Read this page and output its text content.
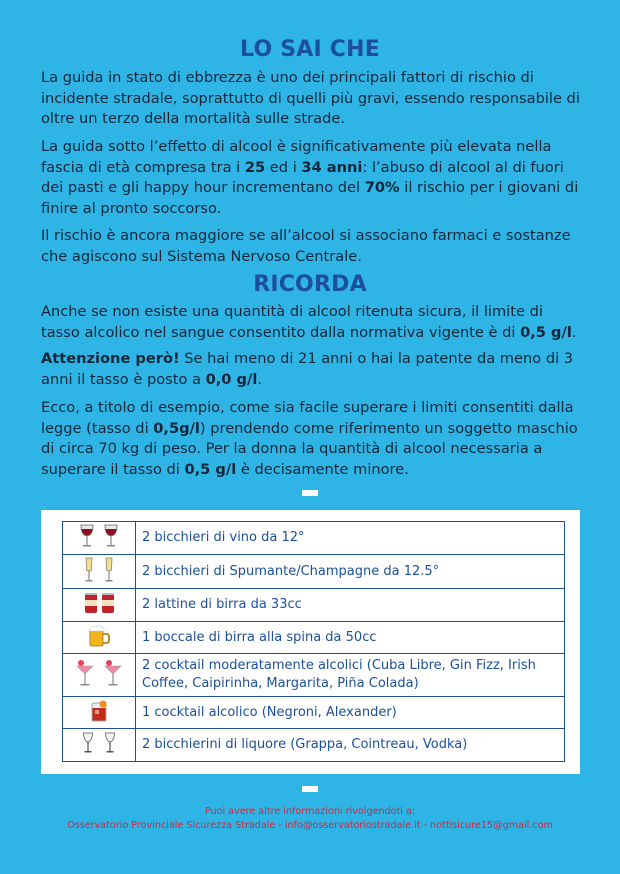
LO SAI CHE

La guida in stato di ebbrezza è uno dei principali fattori di rischio di incidente stradale, soprattutto di quelli più gravi, essendo responsabile di oltre un terzo della mortalità sulle strade.

La guida sotto l’effetto di alcool è significativamente più elevata nella fascia di età compresa tra i 25 ed i 34 anni: l’abuso di alcool al di fuori dei pasti e gli happy hour incrementano del 70% il rischio per i giovani di finire al pronto soccorso.

Il rischio è ancora maggiore se all’alcool si associano farmaci e sostanze che agiscono sul Sistema Nervoso Centrale.

RICORDA

Anche se non esiste una quantità di alcool ritenuta sicura, il limite di tasso alcolico nel sangue consentito dalla normativa vigente è di 0,5 g/l.

Attenzione però! Se hai meno di 21 anni o hai la patente da meno di 3 anni il tasso è posto a 0,0 g/l.

Ecco, a titolo di esempio, come sia facile superare i limiti consentiti dalla legge (tasso di 0,5g/l) prendendo come riferimento un soggetto maschio di circa 70 kg di peso. Per la donna la quantità di alcool necessaria a superare il tasso di 0,5 g/l è decisamente minore.

	2 bicchieri di vino da 12°

	2 bicchieri di Spumante/Champagne da 12.5°

	2 lattine di birra da 33cc

	1 boccale di birra alla spina da 50cc

	2 cocktail moderatamente alcolici (Cuba Libre, Gin Fizz, Irish Coffee, Caipirinha, Margarita, Piña Colada)

	1 cocktail alcolico (Negroni, Alexander)

	2 bicchierini di liquore (Grappa, Cointreau, Vodka)
Puoi avere altre informazioni rivolgendoti a:
Osservatorio Provinciale Sicurezza Stradale - info@osservatoriostradale.it - nottisicure15@gmail.com
